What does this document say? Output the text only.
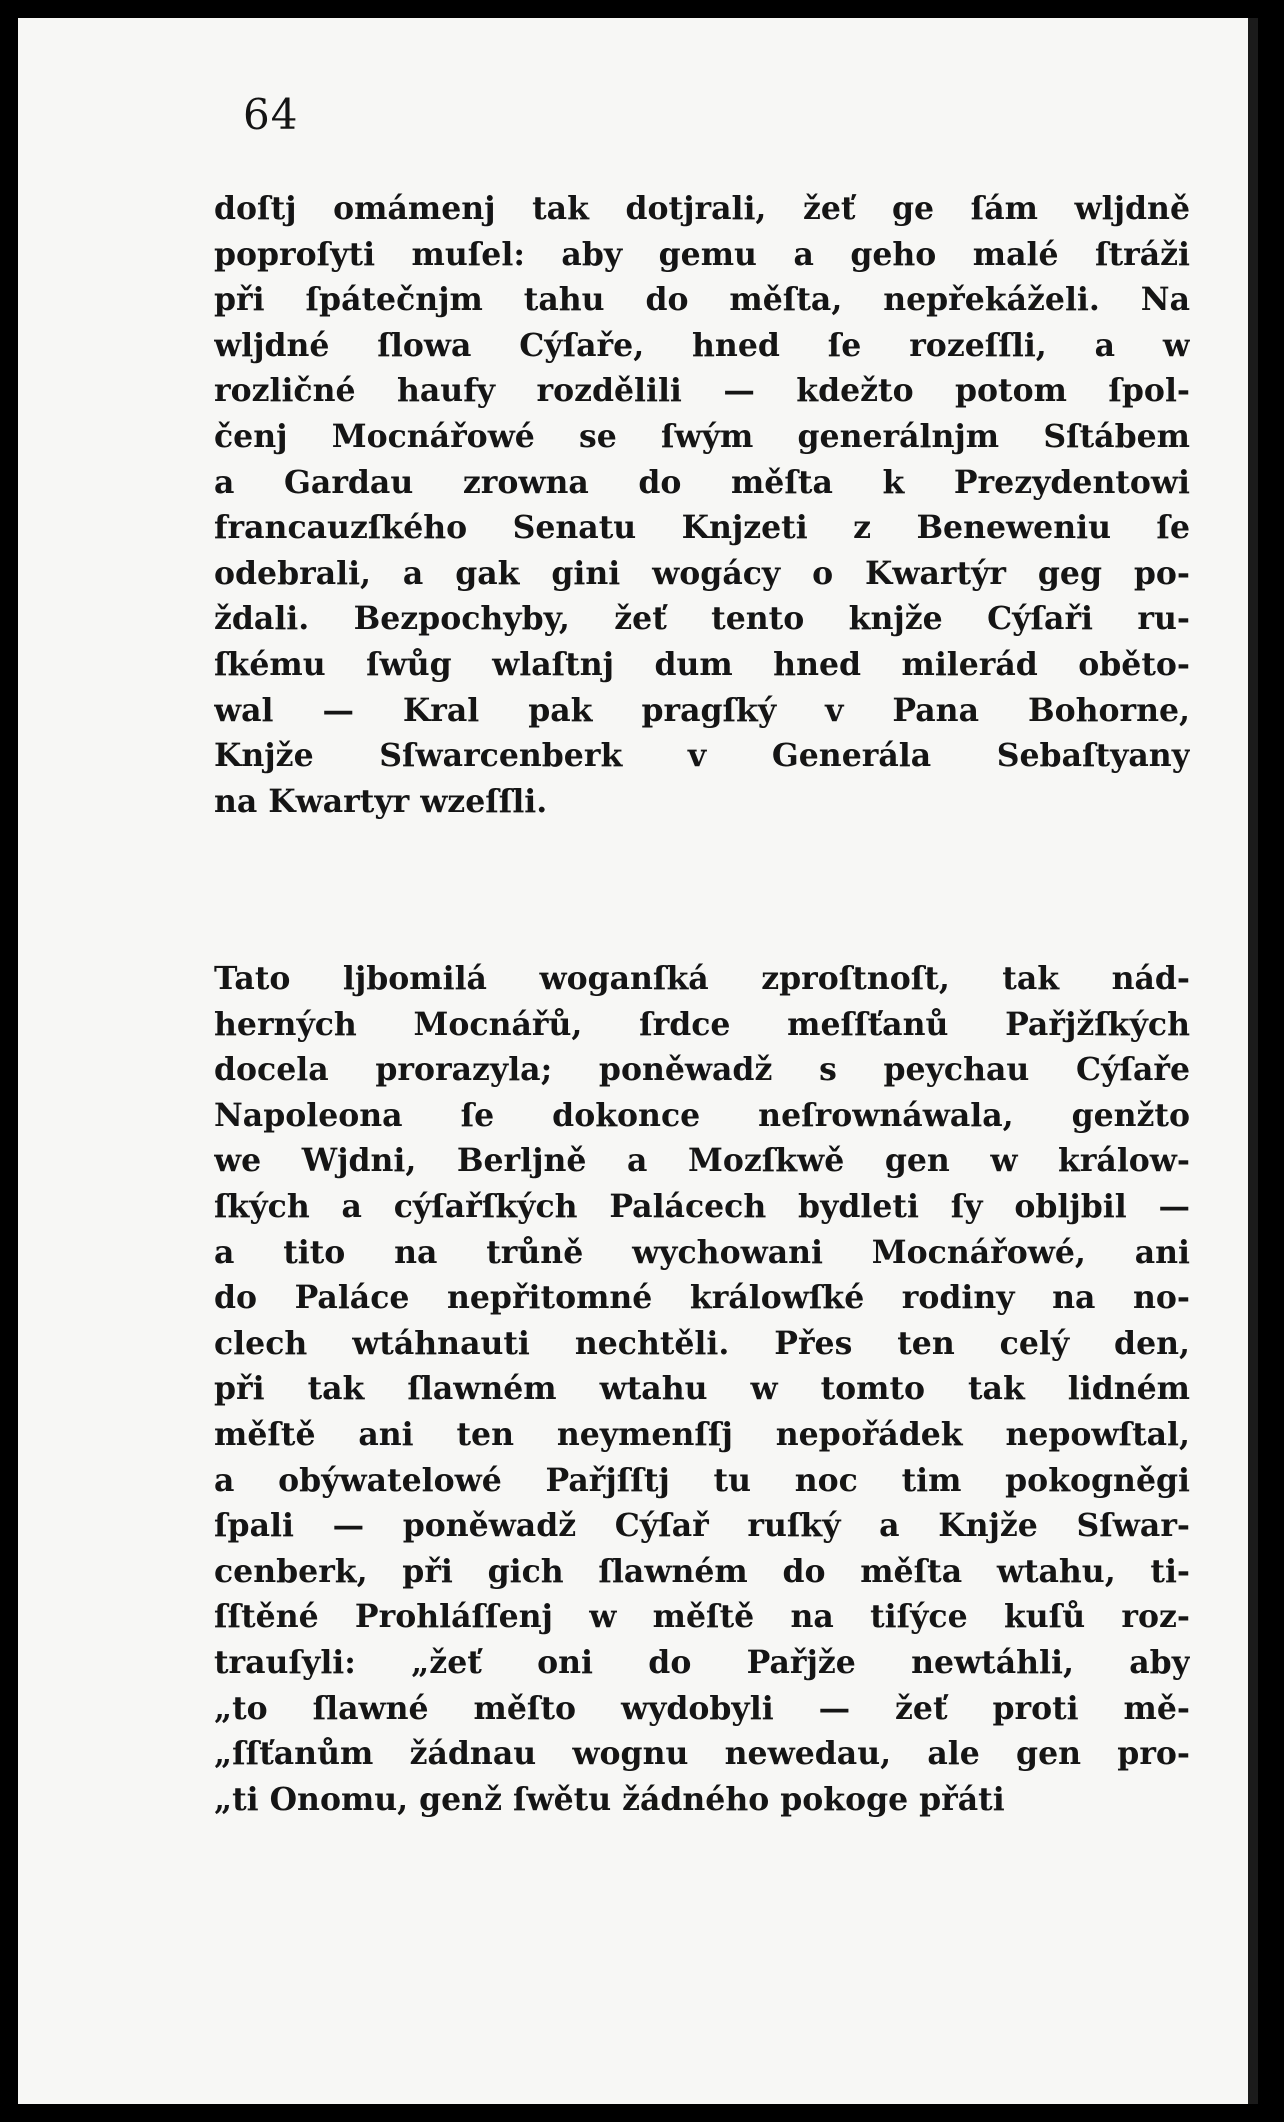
64

doſtj omámenj tak dotjrali, žeť ge ſám wljdně
poproſyti muſel: aby gemu a geho malé ſtráži
při ſpátečnjm tahu do měſta, nepřekáželi. Na
wljdné ſlowa Cýſaře, hned ſe rozeſſli, a w
rozličné haufy rozdělili — kdežto potom ſpol-
čenj Mocnářowé se ſwým generálnjm Sſtábem
a Gardau zrowna do měſta k Prezydentowi
francauzſkého Senatu Knjzeti z Beneweniu ſe
odebrali, a gak gini wogácy o Kwartýr geg po-
ždali. Bezpochyby, žeť tento knjže Cýſaři ru-
ſkému ſwůg wlaſtnj dum hned milerád oběto-
wal — Kral pak pragſký v Pana Bohorne,
Knjže Sſwarcenberk v Generála Sebaſtyany
na Kwartyr wzeſſli.
Tato ljbomilá woganſká zproſtnoſt, tak nád-
herných Mocnářů, ſrdce meſſťanů Pařjžſkých
docela prorazyla; poněwadž s peychau Cýſaře
Napoleona ſe dokonce neſrownáwala, genžto
we Wjdni, Berljně a Mozſkwě gen w králow-
ſkých a cýſařſkých Palácech bydleti ſy obljbil —
a tito na trůně wychowani Mocnářowé, ani
do Paláce nepřitomné králowſké rodiny na no-
clech wtáhnauti nechtěli. Přes ten celý den,
při tak ſlawném wtahu w tomto tak lidném
měſtě ani ten neymenſſj nepořádek nepowſtal,
a obýwatelowé Pařjſſtj tu noc tim pokogněgi
ſpali — poněwadž Cýſař ruſký a Knjže Sſwar-
cenberk, při gich ſlawném do měſta wtahu, ti-
ſſtěné Prohláſſenj w měſtě na tiſýce kuſů roz-
trauſyli: „žeť oni do Pařjže newtáhli, aby
„to ſlawné měſto wydobyli — žeť proti mě-
„ſſťanům žádnau wognu newedau, ale gen pro-
„ti Onomu, genž ſwětu žádného pokoge přáti
